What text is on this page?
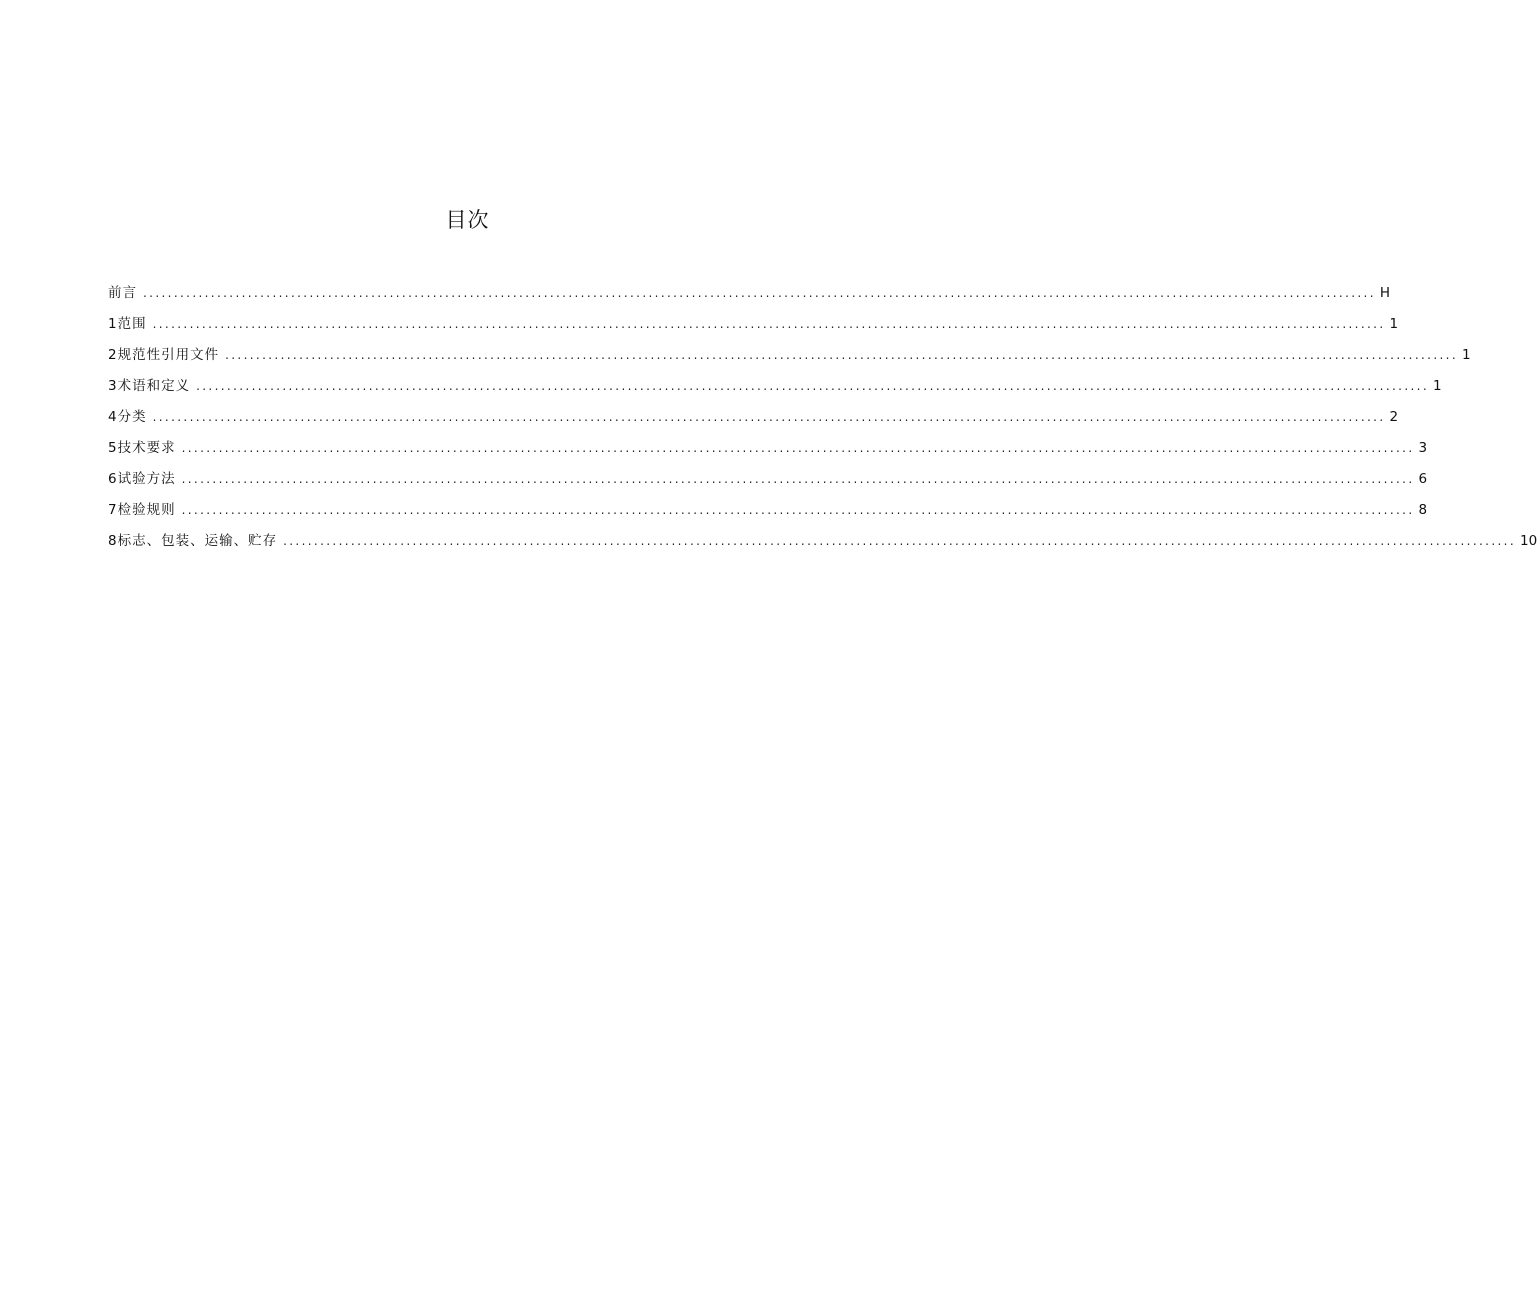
目次
前言 ........................................................................................................................................................................................................ H
1范围 ........................................................................................................................................................................................................ 1
2规范性引用文件 ........................................................................................................................................................................................................ 1
3术语和定义 ........................................................................................................................................................................................................ 1
4分类 ........................................................................................................................................................................................................ 2
5技术要求 ........................................................................................................................................................................................................ 3
6试验方法 ........................................................................................................................................................................................................ 6
7检验规则 ........................................................................................................................................................................................................ 8
8标志、包装、运输、贮存 ........................................................................................................................................................................................................ 10
